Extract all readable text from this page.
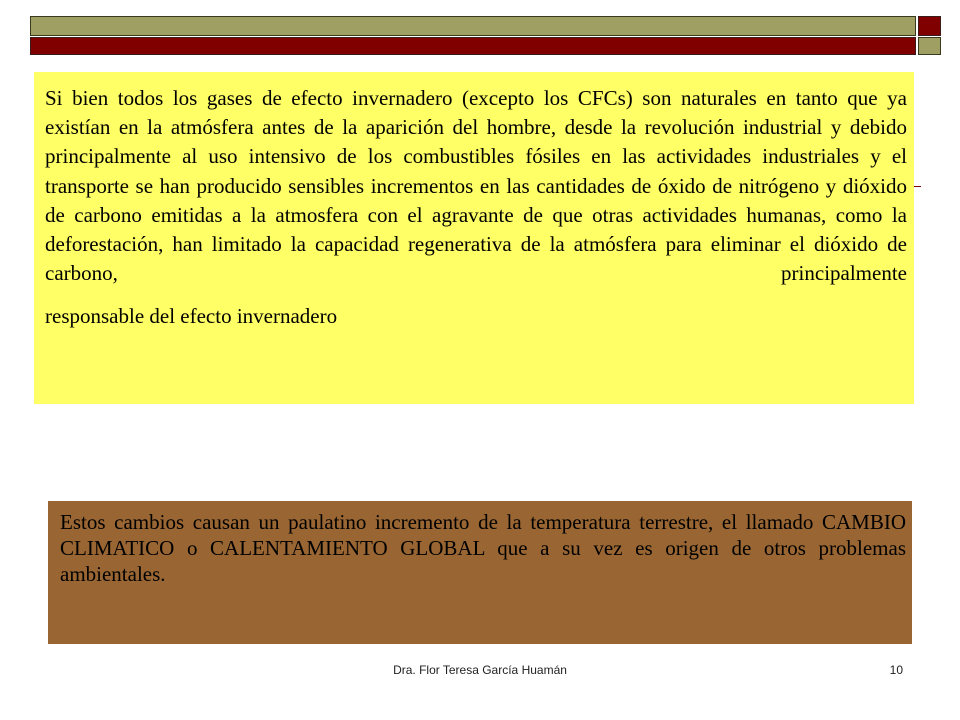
Si bien todos los gases de efecto invernadero (excepto los CFCs) son naturales en tanto que ya existían en la atmósfera antes de la aparición del hombre, desde la revolución industrial y debido principalmente al uso intensivo de los combustibles fósiles en las actividades industriales y el transporte se han producido sensibles incrementos en las cantidades de óxido de nitrógeno y dióxido de carbono emitidas a la atmosfera con el agravante de que otras actividades humanas, como la deforestación, han limitado la capacidad regenerativa de la atmósfera para eliminar el dióxido de carbono, principalmente

responsable del efecto invernadero

Estos cambios causan un paulatino incremento de la temperatura terrestre, el llamado CAMBIO CLIMATICO o CALENTAMIENTO GLOBAL que a su vez es origen de otros problemas ambientales.

Dra. Flor Teresa García Huamán	10
